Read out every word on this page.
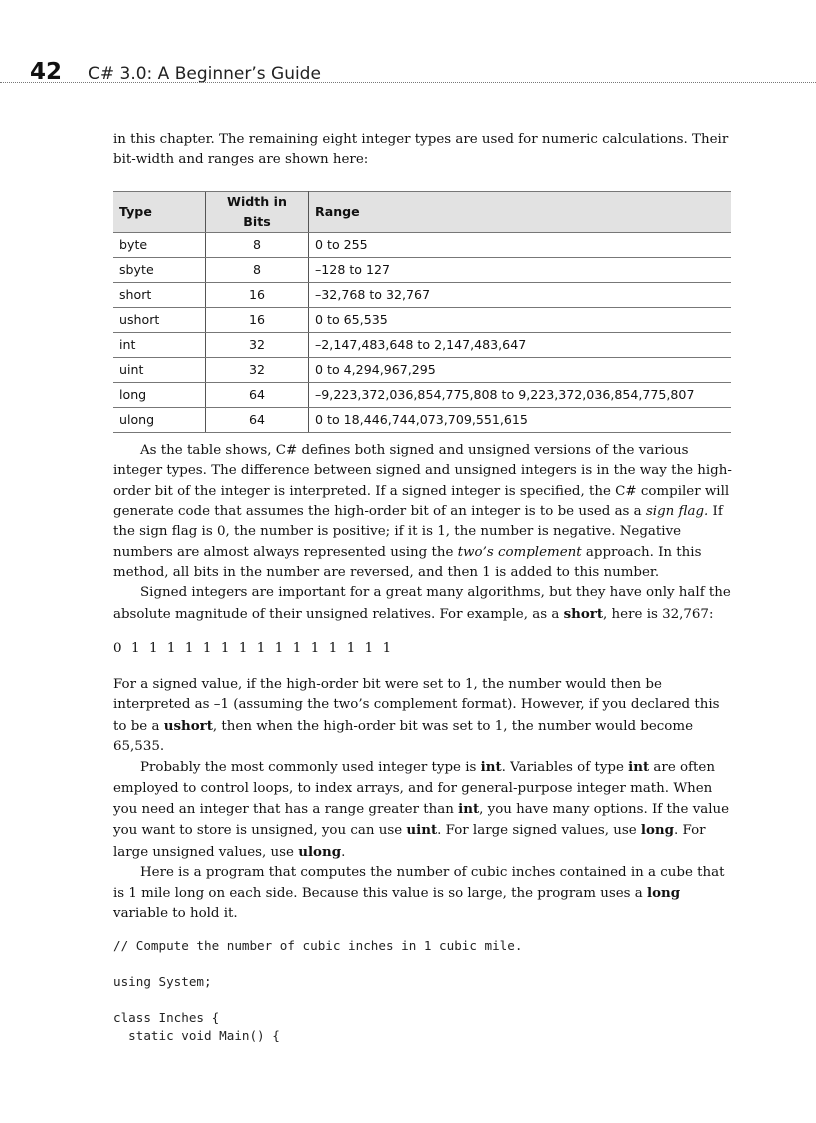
42 C# 3.0: A Beginner’s Guide

in this chapter. The remaining eight integer types are used for numeric calculations. Their bit-width and ranges are shown here:

Type	Width in Bits	Range
byte	8	0 to 255
sbyte	8	–128 to 127
short	16	–32,768 to 32,767
ushort	16	0 to 65,535
int	32	–2,147,483,648 to 2,147,483,647
uint	32	0 to 4,294,967,295
long	64	–9,223,372,036,854,775,808 to 9,223,372,036,854,775,807
ulong	64	0 to 18,446,744,073,709,551,615

As the table shows, C# defines both signed and unsigned versions of the various integer types. The difference between signed and unsigned integers is in the way the high-order bit of the integer is interpreted. If a signed integer is specified, the C# compiler will generate code that assumes the high-order bit of an integer is to be used as a sign flag. If the sign flag is 0, the number is positive; if it is 1, the number is negative. Negative numbers are almost always represented using the two’s complement approach. In this method, all bits in the number are reversed, and then 1 is added to this number.

Signed integers are important for a great many algorithms, but they have only half the absolute magnitude of their unsigned relatives. For example, as a short, here is 32,767:

0 1 1 1 1 1 1 1 1 1 1 1 1 1 1 1

For a signed value, if the high-order bit were set to 1, the number would then be interpreted as –1 (assuming the two’s complement format). However, if you declared this to be a ushort, then when the high-order bit was set to 1, the number would become 65,535.

Probably the most commonly used integer type is int. Variables of type int are often employed to control loops, to index arrays, and for general-purpose integer math. When you need an integer that has a range greater than int, you have many options. If the value you want to store is unsigned, you can use uint. For large signed values, use long. For large unsigned values, use ulong.

Here is a program that computes the number of cubic inches contained in a cube that is 1 mile long on each side. Because this value is so large, the program uses a long variable to hold it.

// Compute the number of cubic inches in 1 cubic mile.

using System;

class Inches {
static void Main() {
